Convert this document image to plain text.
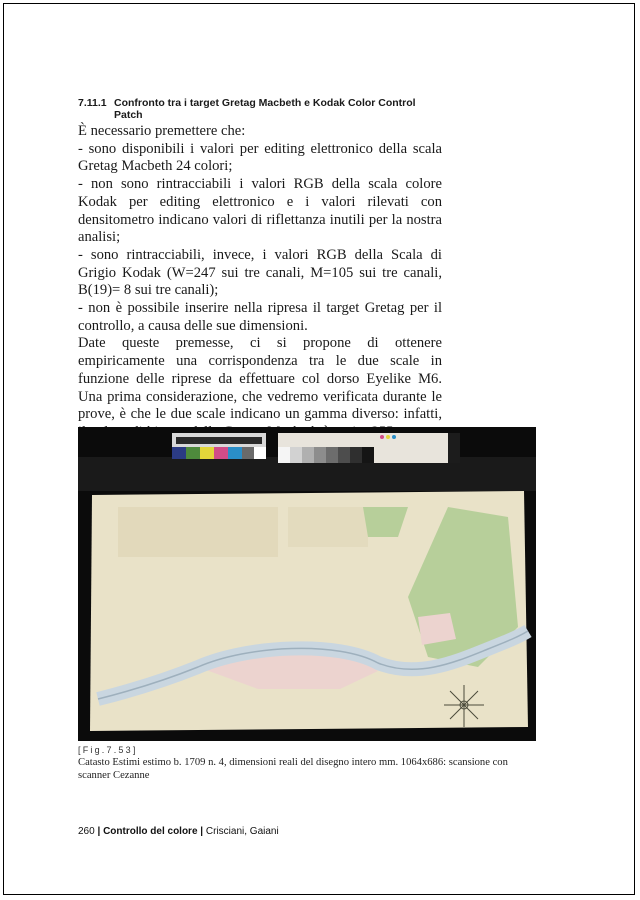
7.11.1 Confronto tra i target Gretag Macbeth e Kodak Color Control Patch

È necessario premettere che:

- sono disponibili i valori per editing elettronico della scala Gretag Macbeth 24 colori;

- non sono rintracciabili i valori RGB della scala colore Kodak per editing elettronico e i valori rilevati con densitometro indicano valori di riflettanza inutili per la nostra analisi;

- sono rintracciabili, invece, i valori RGB della Scala di Grigio Kodak (W=247 sui tre canali, M=105 sui tre canali, B(19)= 8 sui tre canali);

- non è possibile inserire nella ripresa il target Gretag per il controllo, a causa delle sue dimensioni.

Date queste premesse, ci si propone di ottenere empiricamente una corrispondenza tra le due scale in funzione delle riprese da effettuare col dorso Eyelike M6. Una prima considerazione, che vedremo verificata durante le prove, è che le due scale indicano un gamma diverso: infatti,

[Fig.7.53]
Catasto Estimi estimo b. 1709 n. 4, dimensioni reali del disegno intero mm. 1064x686: scansione con scanner Cezanne
260 | Controllo del colore | Crisciani, Gaiani
